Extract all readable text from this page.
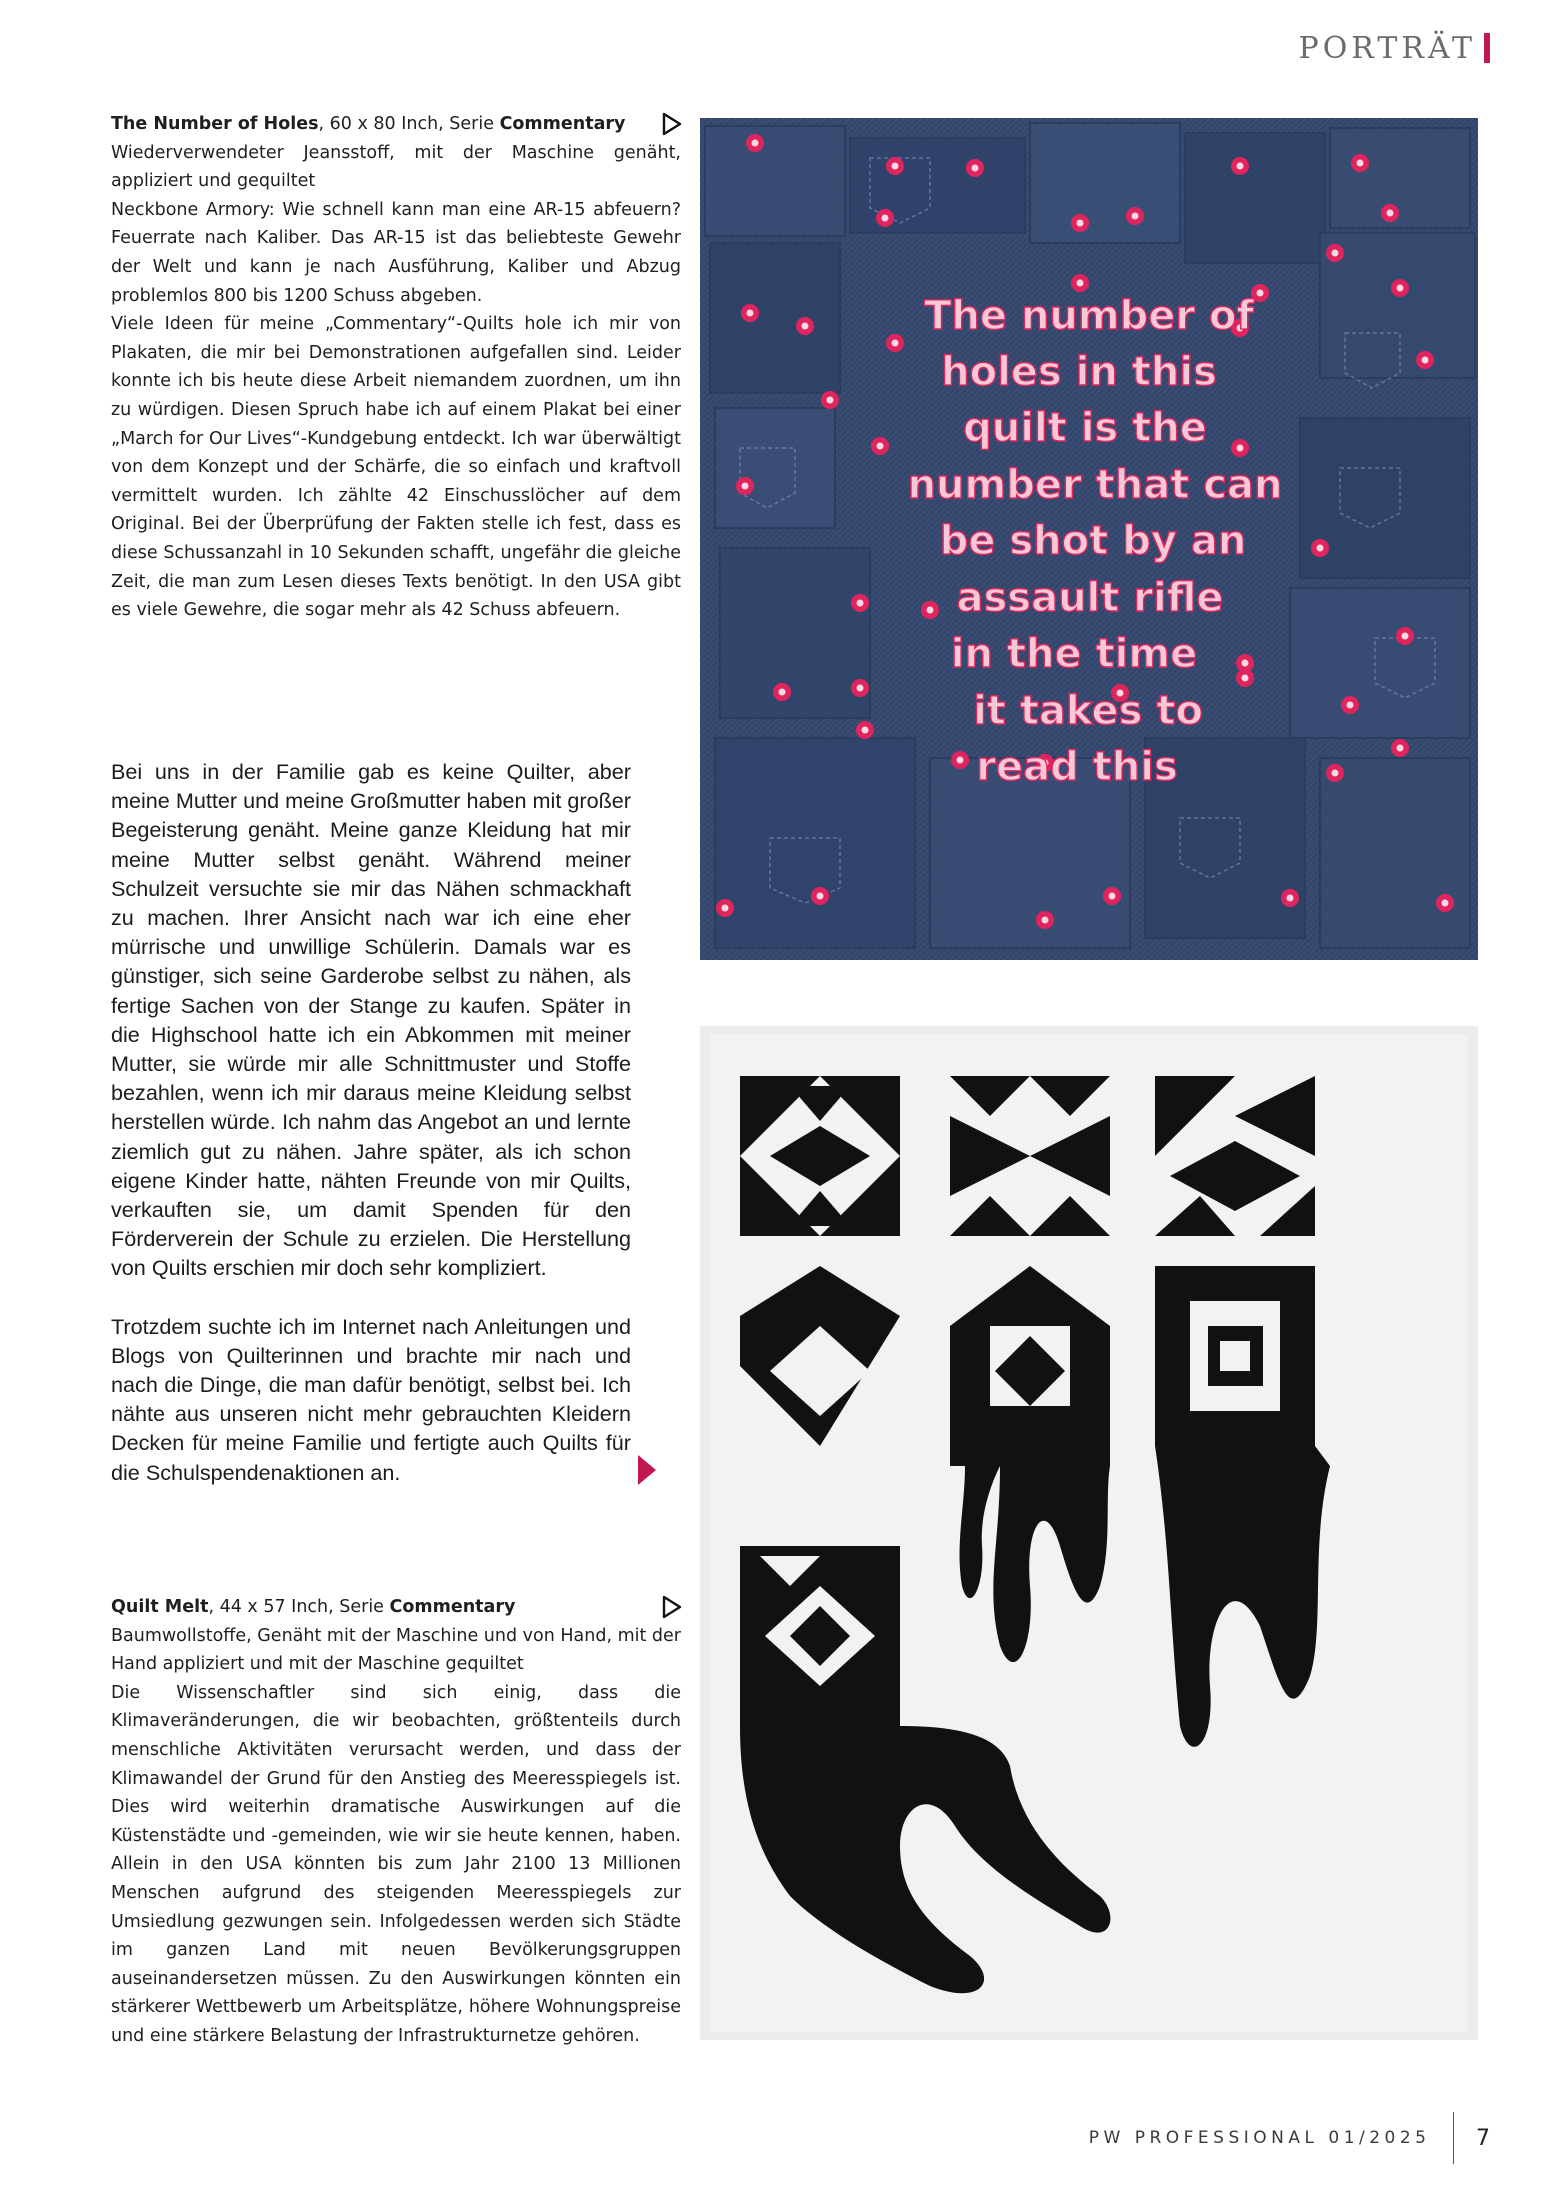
PORTRÄT

The Number of Holes, 60 x 80 Inch, Serie Commentary

Wiederverwendeter Jeansstoff, mit der Maschine genäht, appliziert und gequiltet

Neckbone Armory: Wie schnell kann man eine AR-15 abfeuern? Feuerrate nach Kaliber. Das AR-15 ist das beliebteste Gewehr der Welt und kann je nach Ausführung, Kaliber und Abzug problemlos 800 bis 1200 Schuss abgeben.

Viele Ideen für meine „Commentary“-Quilts hole ich mir von Plakaten, die mir bei Demonstrationen aufgefallen sind. Leider konnte ich bis heute diese Arbeit niemandem zuordnen, um ihn zu würdigen. Diesen Spruch habe ich auf einem Plakat bei einer „March for Our Lives“-Kundgebung entdeckt. Ich war überwältigt von dem Konzept und der Schärfe, die so einfach und kraftvoll vermittelt wurden. Ich zählte 42 Einschusslöcher auf dem Original. Bei der Überprüfung der Fakten stelle ich fest, dass es diese Schussanzahl in 10 Sekunden schafft, ungefähr die gleiche Zeit, die man zum Lesen dieses Texts benötigt. In den USA gibt es viele Gewehre, die sogar mehr als 42 Schuss abfeuern.

Bei uns in der Familie gab es keine Quilter, aber meine Mutter und meine Großmutter haben mit großer Begeisterung genäht. Meine ganze Kleidung hat mir meine Mutter selbst genäht. Während meiner Schulzeit versuchte sie mir das Nähen schmackhaft zu machen. Ihrer Ansicht nach war ich eine eher mürrische und unwillige Schülerin. Damals war es günstiger, sich seine Garderobe selbst zu nähen, als fertige Sachen von der Stange zu kaufen. Später in die Highschool hatte ich ein Abkommen mit meiner Mutter, sie würde mir alle Schnittmuster und Stoffe bezahlen, wenn ich mir daraus meine Kleidung selbst herstellen würde. Ich nahm das Angebot an und lernte ziemlich gut zu nähen. Jahre später, als ich schon eigene Kinder hatte, nähten Freunde von mir Quilts, verkauften sie, um damit Spenden für den Förderverein der Schule zu erzielen. Die Herstellung von Quilts erschien mir doch sehr kompliziert.

Trotzdem suchte ich im Internet nach Anleitungen und Blogs von Quilterinnen und brachte mir nach und nach die Dinge, die man dafür benötigt, selbst bei. Ich nähte aus unseren nicht mehr gebrauchten Kleidern Decken für meine Familie und fertigte auch Quilts für die Schulspendenaktionen an.

Quilt Melt, 44 x 57 Inch, Serie Commentary

Baumwollstoffe, Genäht mit der Maschine und von Hand, mit der Hand appliziert und mit der Maschine gequiltet

Die Wissenschaftler sind sich einig, dass die Klimaveränderungen, die wir beobachten, größtenteils durch menschliche Aktivitäten verursacht werden, und dass der Klimawandel der Grund für den Anstieg des Meeresspiegels ist. Dies wird weiterhin dramatische Auswirkungen auf die Küstenstädte und -gemeinden, wie wir sie heute kennen, haben. Allein in den USA könnten bis zum Jahr 2100 13 Millionen Menschen aufgrund des steigenden Meeresspiegels zur Umsiedlung gezwungen sein. Infolgedessen werden sich Städte im ganzen Land mit neuen Bevölkerungsgruppen auseinandersetzen müssen. Zu den Auswirkungen könnten ein stärkerer Wettbewerb um Arbeitsplätze, höhere Wohnungspreise und eine stärkere Belastung der Infrastrukturnetze gehören.

The number of
holes in this
quilt is the
number that can
be shot by an
assault rifle
in the time
it takes to
read this
PW PROFESSIONAL 01/2025 7
